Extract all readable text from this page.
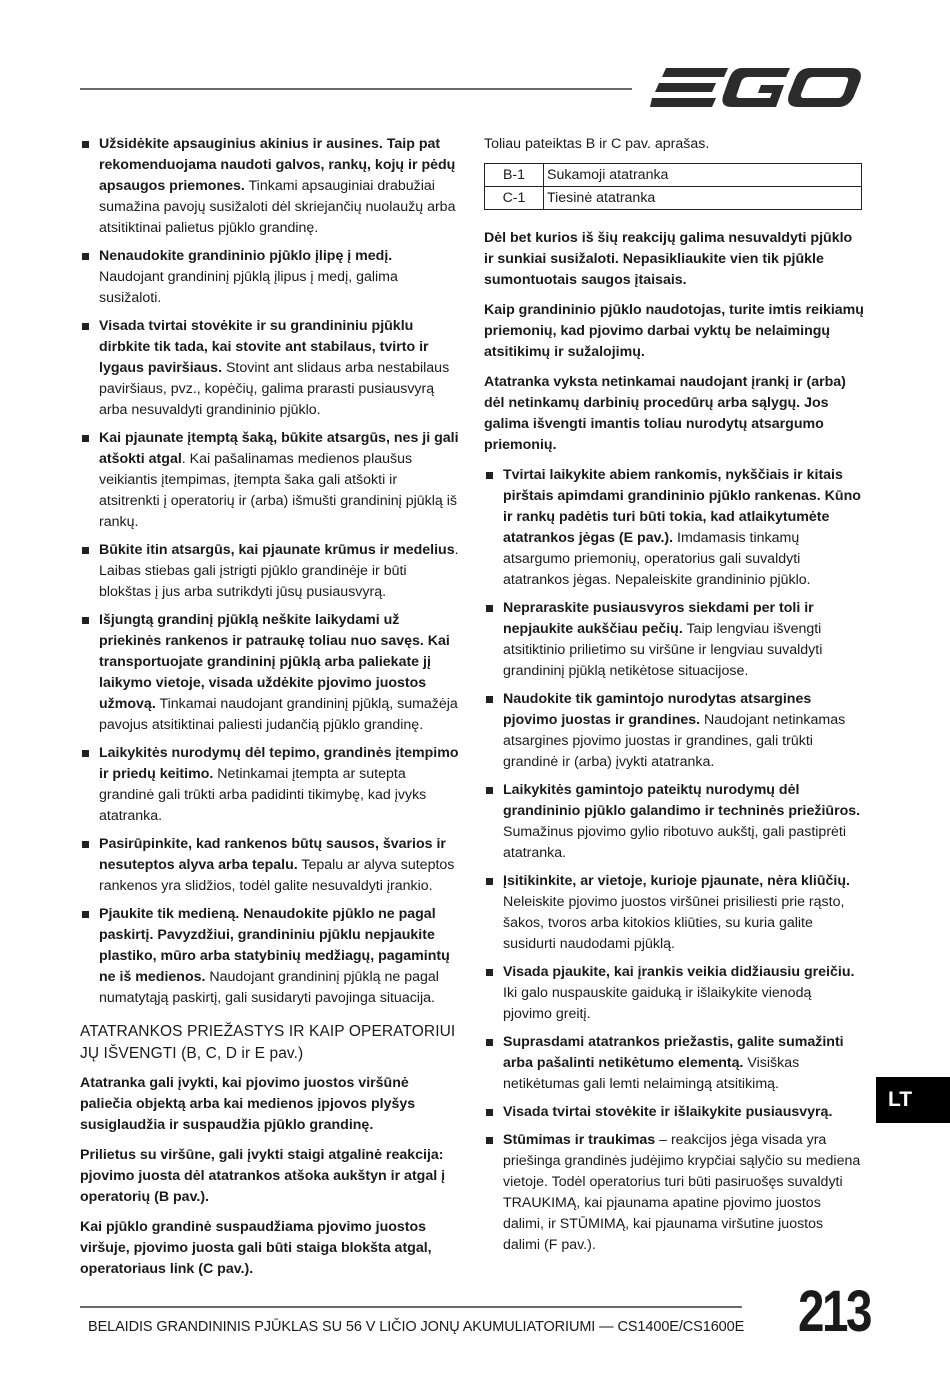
Užsidėkite apsauginius akinius ir ausines. Taip pat rekomenduojama naudoti galvos, rankų, kojų ir pėdų apsaugos priemones. Tinkami apsauginiai drabužiai sumažina pavojų susižaloti dėl skriejančių nuolaužų arba atsitiktinai palietus pjūklo grandinę.

Nenaudokite grandininio pjūklo įlipę į medį. Naudojant grandininį pjūklą įlipus į medį, galima susižaloti.

Visada tvirtai stovėkite ir su grandininiu pjūklu dirbkite tik tada, kai stovite ant stabilaus, tvirto ir lygaus paviršiaus. Stovint ant slidaus arba nestabilaus paviršiaus, pvz., kopėčių, galima prarasti pusiausvyrą arba nesuvaldyti grandininio pjūklo.

Kai pjaunate įtemptą šaką, būkite atsargūs, nes ji gali atšokti atgal. Kai pašalinamas medienos plaušus veikiantis įtempimas, įtempta šaka gali atšokti ir atsitrenkti į operatorių ir (arba) išmušti grandininį pjūklą iš rankų.

Būkite itin atsargūs, kai pjaunate krūmus ir medelius. Laibas stiebas gali įstrigti pjūklo grandinėje ir būti blokštas į jus arba sutrikdyti jūsų pusiausvyrą.

Išjungtą grandinį pjūklą neškite laikydami už priekinės rankenos ir patraukę toliau nuo savęs. Kai transportuojate grandininį pjūklą arba paliekate jį laikymo vietoje, visada uždėkite pjovimo juostos užmovą. Tinkamai naudojant grandininį pjūklą, sumažėja pavojus atsitiktinai paliesti judančią pjūklo grandinę.

Laikykitės nurodymų dėl tepimo, grandinės įtempimo ir priedų keitimo. Netinkamai įtempta ar sutepta grandinė gali trūkti arba padidinti tikimybę, kad įvyks atatranka.

Pasirūpinkite, kad rankenos būtų sausos, švarios ir nesuteptos alyva arba tepalu. Tepalu ar alyva suteptos rankenos yra slidžios, todėl galite nesuvaldyti įrankio.

Pjaukite tik medieną. Nenaudokite pjūklo ne pagal paskirtį. Pavyzdžiui, grandininiu pjūklu nepjaukite plastiko, mūro arba statybinių medžiagų, pagamintų ne iš medienos. Naudojant grandininį pjūklą ne pagal numatytąją paskirtį, gali susidaryti pavojinga situacija.

ATATRANKOS PRIEŽASTYS IR KAIP OPERATORIUI JŲ IŠVENGTI (B, C, D ir E pav.)

Atatranka gali įvykti, kai pjovimo juostos viršūnė paliečia objektą arba kai medienos įpjovos plyšys susiglaudžia ir suspaudžia pjūklo grandinę.

Prilietus su viršūne, gali įvykti staigi atgalinė reakcija: pjovimo juosta dėl atatrankos atšoka aukštyn ir atgal į operatorių (B pav.).

Kai pjūklo grandinė suspaudžiama pjovimo juostos viršuje, pjovimo juosta gali būti staiga blokšta atgal, operatoriaus link (C pav.).

Toliau pateiktas B ir C pav. aprašas.

B-1	Sukamoji atatranka
C-1	Tiesinė atatranka

Dėl bet kurios iš šių reakcijų galima nesuvaldyti pjūklo ir sunkiai susižaloti. Nepasikliaukite vien tik pjūkle sumontuotais saugos įtaisais.

Kaip grandininio pjūklo naudotojas, turite imtis reikiamų priemonių, kad pjovimo darbai vyktų be nelaimingų atsitikimų ir sužalojimų.

Atatranka vyksta netinkamai naudojant įrankį ir (arba) dėl netinkamų darbinių procedūrų arba sąlygų. Jos galima išvengti imantis toliau nurodytų atsargumo priemonių.

Tvirtai laikykite abiem rankomis, nykščiais ir kitais pirštais apimdami grandininio pjūklo rankenas. Kūno ir rankų padėtis turi būti tokia, kad atlaikytumėte atatrankos jėgas (E pav.). Imdamasis tinkamų atsargumo priemonių, operatorius gali suvaldyti atatrankos jėgas. Nepaleiskite grandininio pjūklo.

Nepraraskite pusiausvyros siekdami per toli ir nepjaukite aukščiau pečių. Taip lengviau išvengti atsitiktinio prilietimo su viršūne ir lengviau suvaldyti grandininį pjūklą netikėtose situacijose.

Naudokite tik gamintojo nurodytas atsargines pjovimo juostas ir grandines. Naudojant netinkamas atsargines pjovimo juostas ir grandines, gali trūkti grandinė ir (arba) įvykti atatranka.

Laikykitės gamintojo pateiktų nurodymų dėl grandininio pjūklo galandimo ir techninės priežiūros. Sumažinus pjovimo gylio ribotuvo aukštį, gali pastiprėti atatranka.

Įsitikinkite, ar vietoje, kurioje pjaunate, nėra kliūčių. Neleiskite pjovimo juostos viršūnei prisiliesti prie rąsto, šakos, tvoros arba kitokios kliūties, su kuria galite susidurti naudodami pjūklą.

Visada pjaukite, kai įrankis veikia didžiausiu greičiu. Iki galo nuspauskite gaiduką ir išlaikykite vienodą pjovimo greitį.

Suprasdami atatrankos priežastis, galite sumažinti arba pašalinti netikėtumo elementą. Visiškas netikėtumas gali lemti nelaimingą atsitikimą.

Visada tvirtai stovėkite ir išlaikykite pusiausvyrą.

Stūmimas ir traukimas – reakcijos jėga visada yra priešinga grandinės judėjimo krypčiai sąlyčio su mediena vietoje. Todėl operatorius turi būti pasiruošęs suvaldyti TRAUKIMĄ, kai pjaunama apatine pjovimo juostos dalimi, ir STŪMIMĄ, kai pjaunama viršutine juostos dalimi (F pav.).

LT
BELAIDIS GRANDININIS PJŪKLAS SU 56 V LIČIO JONŲ AKUMULIATORIUMI — CS1400E/CS1600E 213
